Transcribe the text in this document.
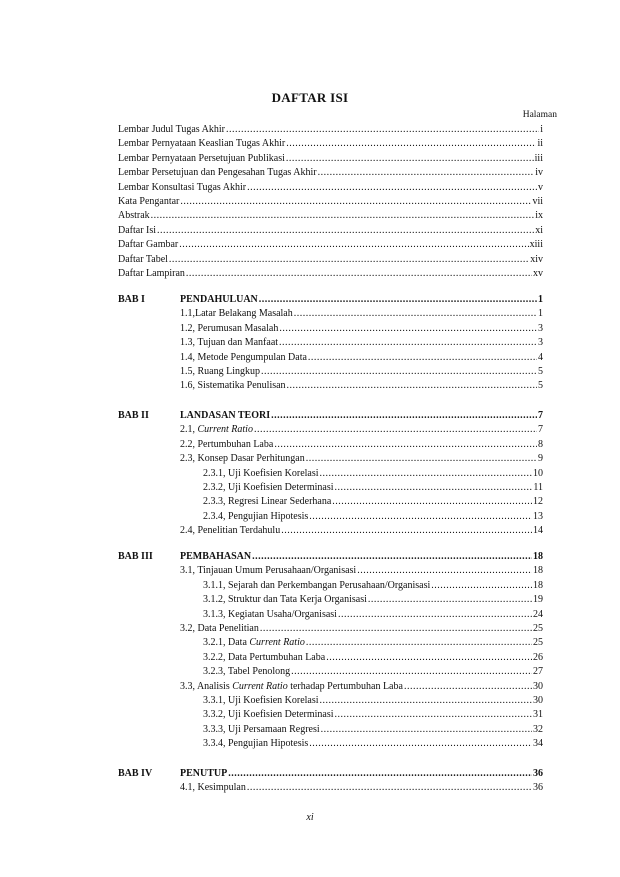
DAFTAR ISI
Halaman
Lembar Judul Tugas Akhir .....	i
Lembar Pernyataan Keaslian Tugas Akhir .....	ii
Lembar Pernyataan Persetujuan Publikasi .....	iii
Lembar Persetujuan dan Pengesahan Tugas Akhir .....	iv
Lembar Konsultasi Tugas Akhir .....	v
Kata Pengantar .....	vii
Abstrak .....	ix
Daftar Isi .....	xi
Daftar Gambar .....	xiii
Daftar Tabel .....	xiv
Daftar Lampiran .....	xv
BAB I	PENDAHULUAN .....	1
1.1,Latar Belakang Masalah .....	1
1.2, Perumusan Masalah .....	3
1.3, Tujuan dan Manfaat .....	3
1.4, Metode Pengumpulan Data .....	4
1.5, Ruang Lingkup .....	5
1.6, Sistematika Penulisan .....	5
BAB II	LANDASAN TEORI .....	7
2.1, Current Ratio .....	7
2.2, Pertumbuhan Laba .....	8
2.3, Konsep Dasar Perhitungan .....	9
2.3.1, Uji Koefisien Korelasi .....	10
2.3.2, Uji Koefisien Determinasi .....	11
2.3.3, Regresi Linear Sederhana .....	12
2.3.4, Pengujian Hipotesis .....	13
2.4, Penelitian Terdahulu .....	14
BAB III	PEMBAHASAN .....	18
3.1, Tinjauan Umum Perusahaan/Organisasi .....	18
3.1.1, Sejarah dan Perkembangan Perusahaan/Organisasi .....	18
3.1.2, Struktur dan Tata Kerja Organisasi .....	19
3.1.3, Kegiatan Usaha/Organisasi .....	24
3.2, Data Penelitian .....	25
3.2.1, Data Current Ratio .....	25
3.2.2, Data Pertumbuhan Laba .....	26
3.2.3, Tabel Penolong .....	27
3.3, Analisis Current Ratio terhadap Pertumbuhan Laba .....	30
3.3.1, Uji Koefisien Korelasi .....	30
3.3.2, Uji Koefisien Determinasi .....	31
3.3.3, Uji Persamaan Regresi .....	32
3.3.4, Pengujian Hipotesis .....	34
BAB IV	PENUTUP .....	36
4.1, Kesimpulan .....	36
xi
